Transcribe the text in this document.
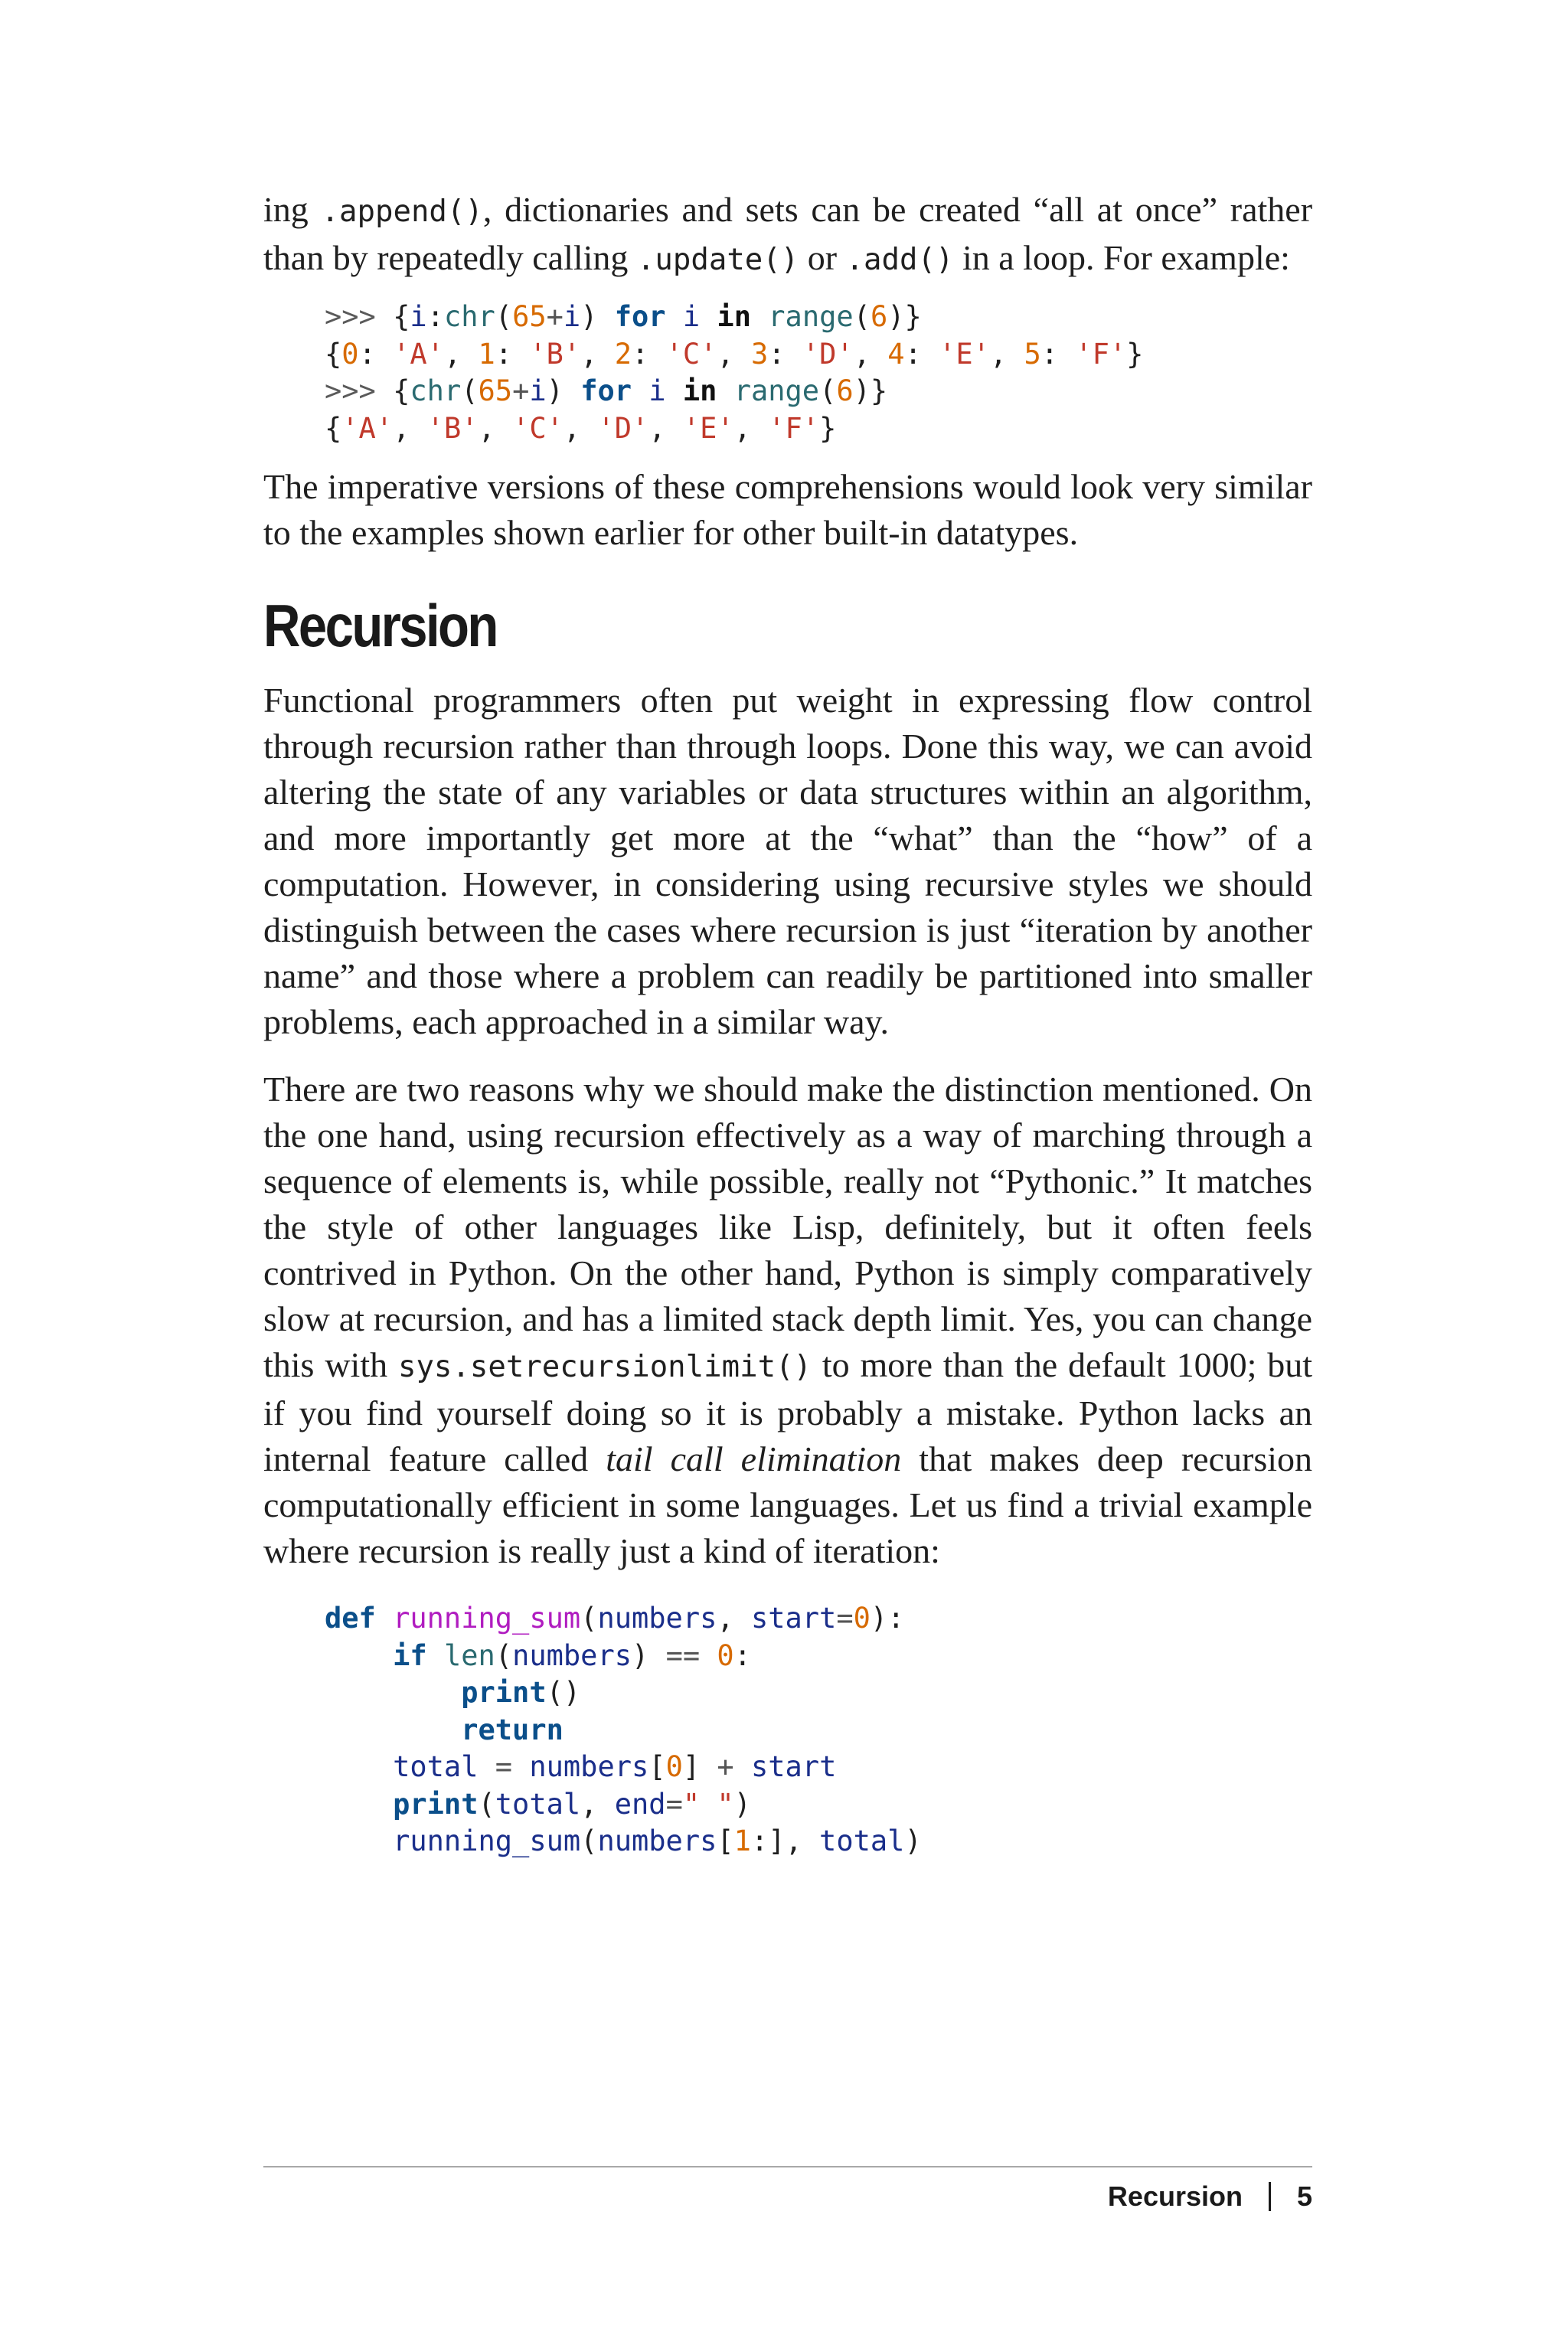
ing .append(), dictionaries and sets can be created “all at once” rather than by repeatedly calling .update() or .add() in a loop. For example:

>>> {i:chr(65+i) for i in range(6)}
{0: 'A', 1: 'B', 2: 'C', 3: 'D', 4: 'E', 5: 'F'}
>>> {chr(65+i) for i in range(6)}
{'A', 'B', 'C', 'D', 'E', 'F'}

The imperative versions of these comprehensions would look very similar to the examples shown earlier for other built-in datatypes.

Recursion

Functional programmers often put weight in expressing flow control through recursion rather than through loops. Done this way, we can avoid altering the state of any variables or data structures within an algorithm, and more importantly get more at the “what” than the “how” of a computation. However, in considering using recursive styles we should distinguish between the cases where recursion is just “iteration by another name” and those where a problem can readily be partitioned into smaller problems, each approached in a similar way.

There are two reasons why we should make the distinction mentioned. On the one hand, using recursion effectively as a way of marching through a sequence of elements is, while possible, really not “Pythonic.” It matches the style of other languages like Lisp, definitely, but it often feels contrived in Python. On the other hand, Python is simply comparatively slow at recursion, and has a limited stack depth limit. Yes, you can change this with sys.setrecursionlimit() to more than the default 1000; but if you find yourself doing so it is probably a mistake. Python lacks an internal feature called tail call elimination that makes deep recursion computationally efficient in some languages. Let us find a trivial example where recursion is really just a kind of iteration:

def running_sum(numbers, start=0):
if len(numbers) == 0:
print()
return
total = numbers[0] + start
print(total, end=" ")
running_sum(numbers[1:], total)
Recursion 5
